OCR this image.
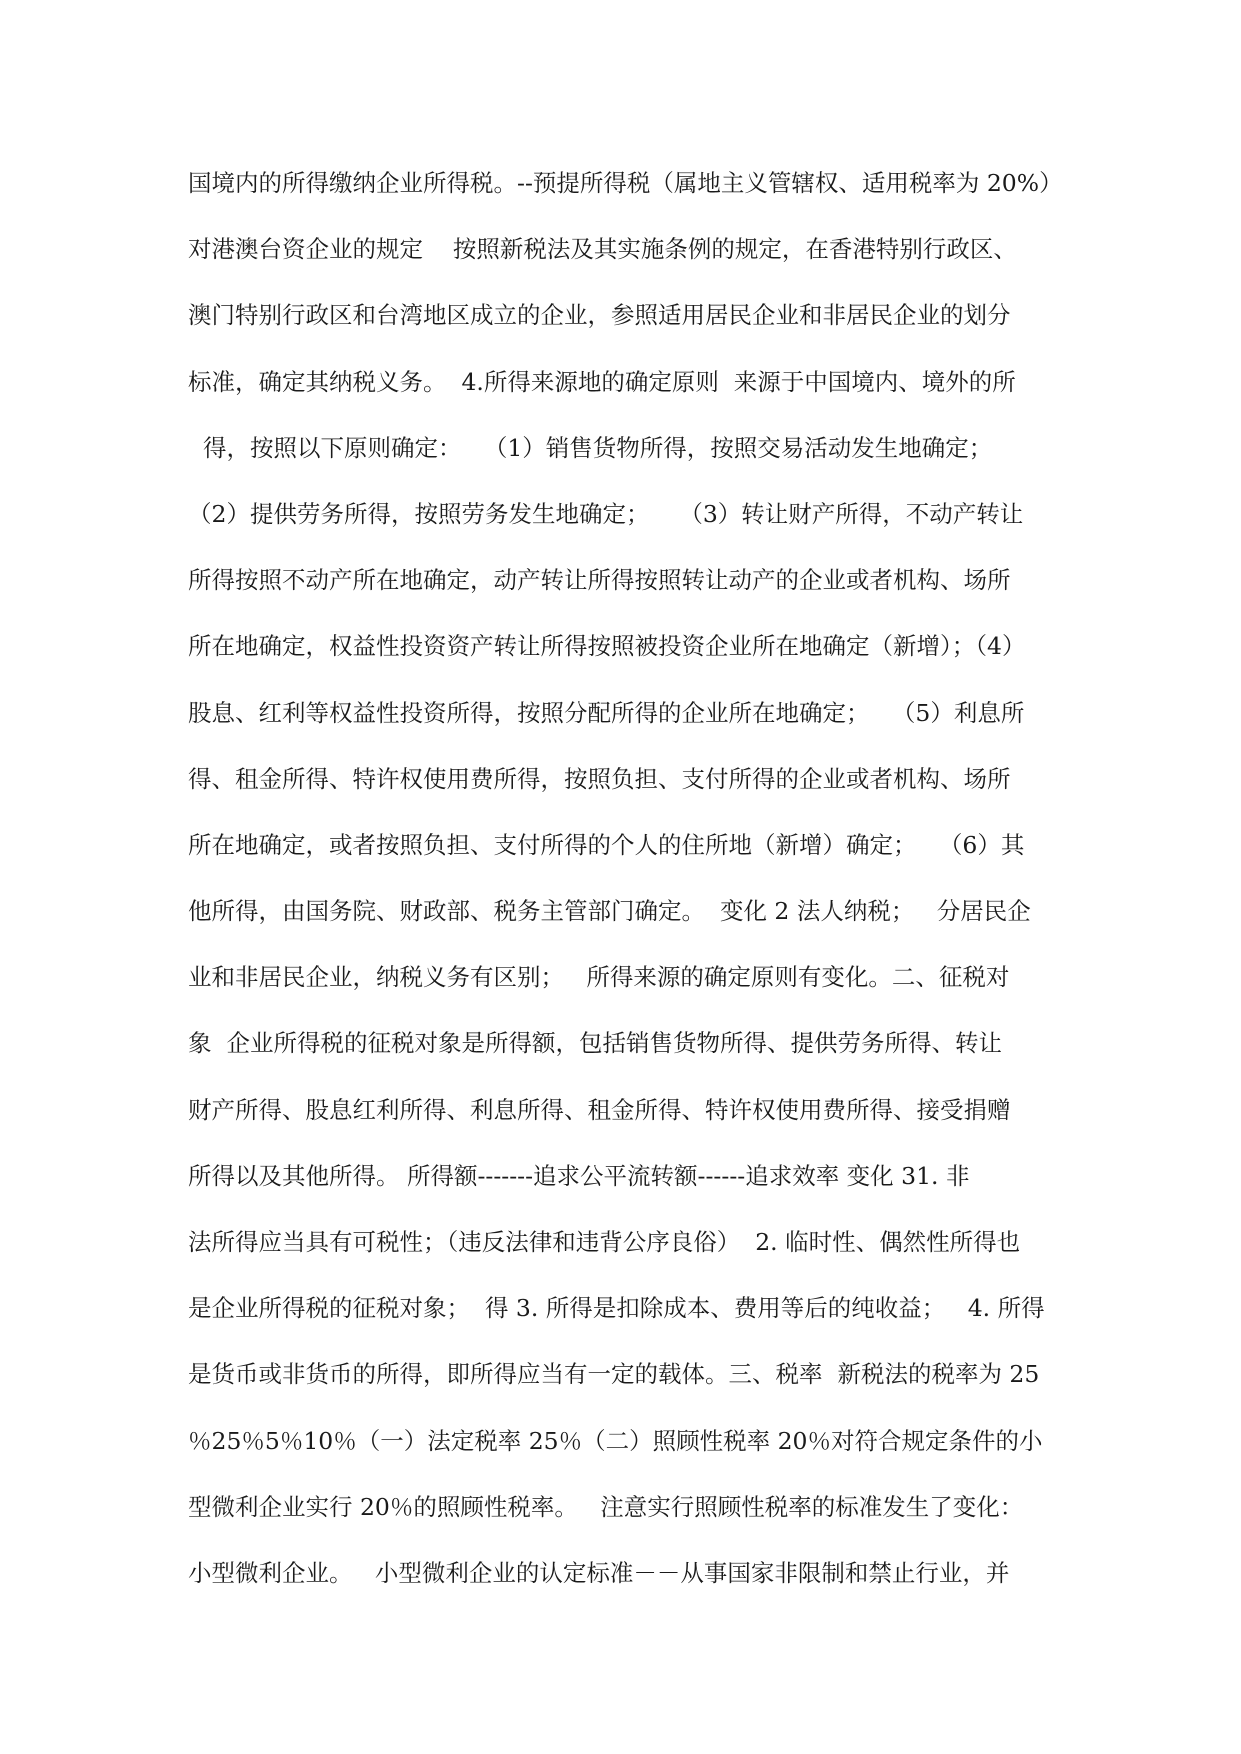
国境内的所得缴纳企业所得税。--预提所得税（属地主义管辖权、适用税率为 20%）
对港澳台资企业的规定    按照新税法及其实施条例的规定，在香港特别行政区、
澳门特别行政区和台湾地区成立的企业，参照适用居民企业和非居民企业的划分
标准，确定其纳税义务。  4.所得来源地的确定原则  来源于中国境内、境外的所
得，按照以下原则确定：   （1）销售货物所得，按照交易活动发生地确定；
（2）提供劳务所得，按照劳务发生地确定；    （3）转让财产所得，不动产转让
所得按照不动产所在地确定，动产转让所得按照转让动产的企业或者机构、场所
所在地确定，权益性投资资产转让所得按照被投资企业所在地确定（新增）；（4）
股息、红利等权益性投资所得，按照分配所得的企业所在地确定；   （5）利息所
得、租金所得、特许权使用费所得，按照负担、支付所得的企业或者机构、场所
所在地确定，或者按照负担、支付所得的个人的住所地（新增）确定；   （6）其
他所得，由国务院、财政部、税务主管部门确定。  变化 2 法人纳税；   分居民企
业和非居民企业，纳税义务有区别；   所得来源的确定原则有变化。二、征税对
象  企业所得税的征税对象是所得额，包括销售货物所得、提供劳务所得、转让
财产所得、股息红利所得、利息所得、租金所得、特许权使用费所得、接受捐赠
所得以及其他所得。 所得额-------追求公平流转额------追求效率 变化 31. 非
法所得应当具有可税性；（违反法律和违背公序良俗）  2. 临时性、偶然性所得也
是企业所得税的征税对象；  得 3. 所得是扣除成本、费用等后的纯收益；   4. 所得
是货币或非货币的所得，即所得应当有一定的载体。三、税率  新税法的税率为 25
％25％5％10％（一）法定税率 25％（二）照顾性税率 20％对符合规定条件的小
型微利企业实行 20％的照顾性税率。   注意实行照顾性税率的标准发生了变化：
小型微利企业。   小型微利企业的认定标准－－从事国家非限制和禁止行业，并
